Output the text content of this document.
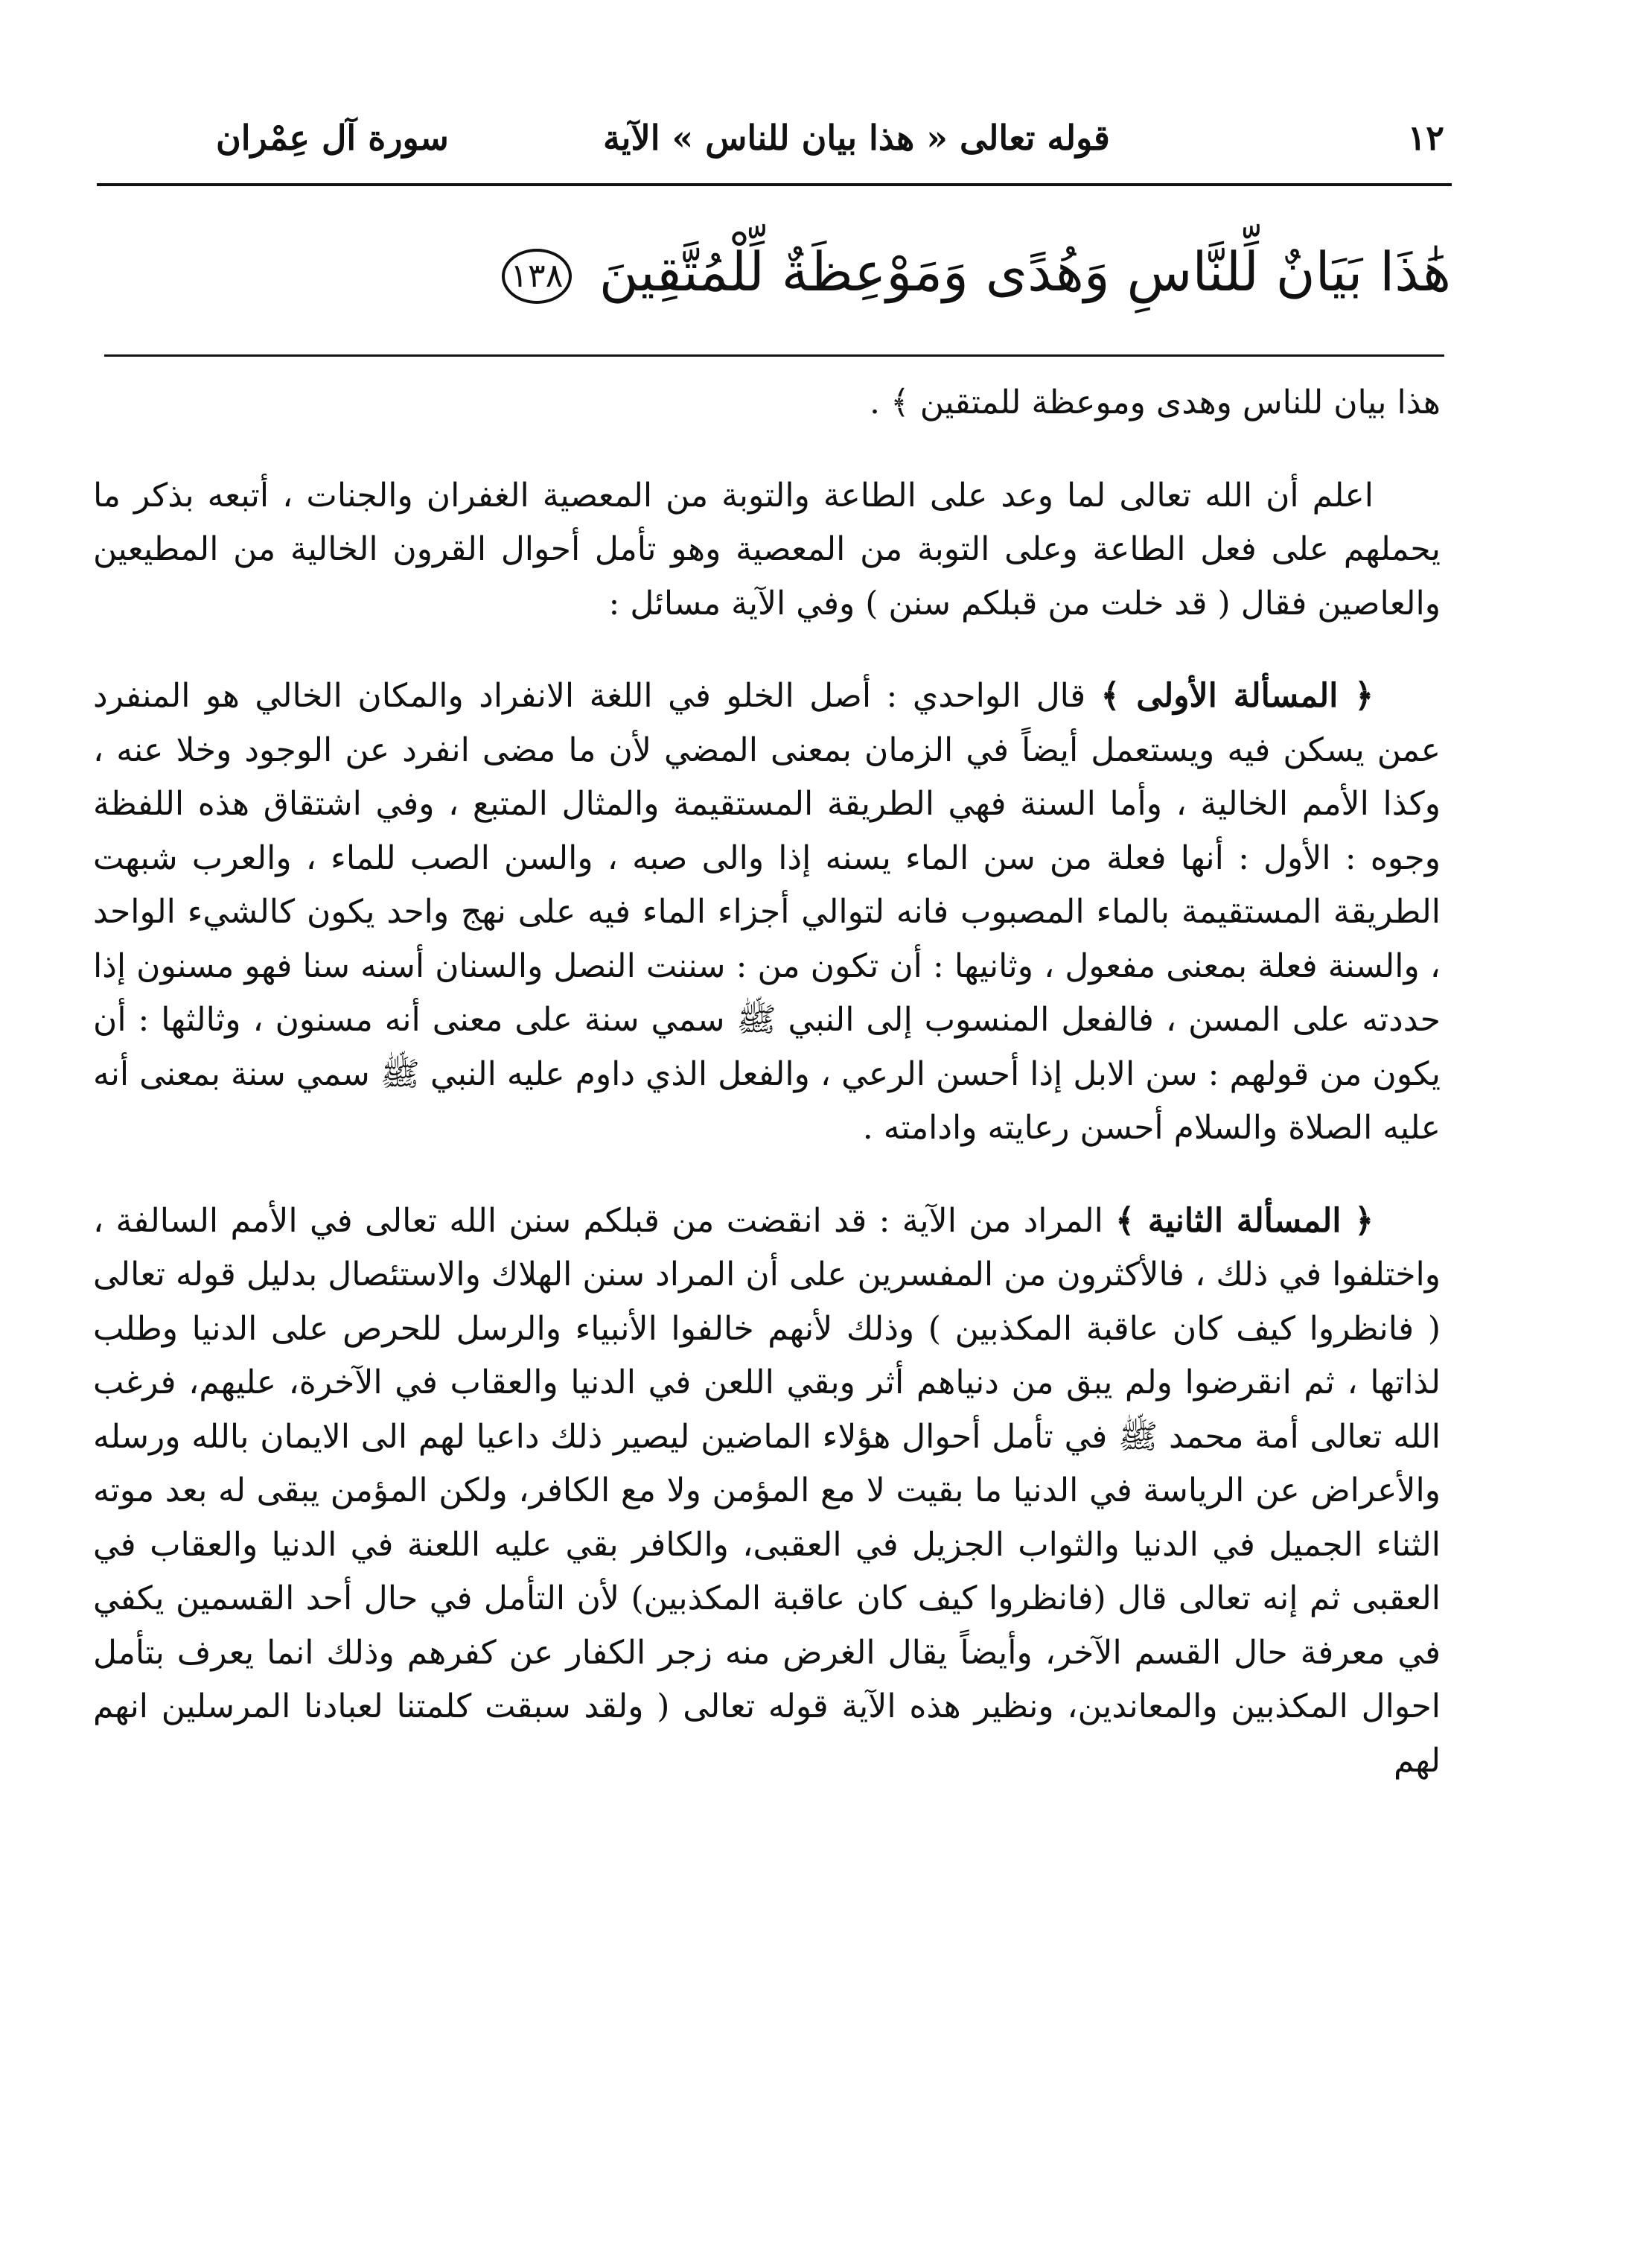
سورة آل عِمْران	قوله تعالى « هذا بيان للناس » الآية	١٢
هَٰذَا بَيَانٌ لِّلنَّاسِ وَهُدًى وَمَوْعِظَةٌ لِّلْمُتَّقِينَ ١٣٨

هذا بيان للناس وهدى وموعظة للمتقين ﴾ .

اعلم أن الله تعالى لما وعد على الطاعة والتوبة من المعصية الغفران والجنات ، أتبعه بذكر ما يحملهم على فعل الطاعة وعلى التوبة من المعصية وهو تأمل أحوال القرون الخالية من المطيعين والعاصين فقال ( قد خلت من قبلكم سنن ) وفي الآية مسائل :

﴿ المسألة الأولى ﴾ قال الواحدي : أصل الخلو في اللغة الانفراد والمكان الخالي هو المنفرد عمن يسكن فيه ويستعمل أيضاً في الزمان بمعنى المضي لأن ما مضى انفرد عن الوجود وخلا عنه ، وكذا الأمم الخالية ، وأما السنة فهي الطريقة المستقيمة والمثال المتبع ، وفي اشتقاق هذه اللفظة وجوه : الأول : أنها فعلة من سن الماء يسنه إذا والى صبه ، والسن الصب للماء ، والعرب شبهت الطريقة المستقيمة بالماء المصبوب فانه لتوالي أجزاء الماء فيه على نهج واحد يكون كالشيء الواحد ، والسنة فعلة بمعنى مفعول ، وثانيها : أن تكون من : سننت النصل والسنان أسنه سنا فهو مسنون إذا حددته على المسن ، فالفعل المنسوب إلى النبي ﷺ سمي سنة على معنى أنه مسنون ، وثالثها : أن يكون من قولهم : سن الابل إذا أحسن الرعي ، والفعل الذي داوم عليه النبي ﷺ سمي سنة بمعنى أنه عليه الصلاة والسلام أحسن رعايته وادامته .

﴿ المسألة الثانية ﴾ المراد من الآية : قد انقضت من قبلكم سنن الله تعالى في الأمم السالفة ، واختلفوا في ذلك ، فالأكثرون من المفسرين على أن المراد سنن الهلاك والاستئصال بدليل قوله تعالى ( فانظروا كيف كان عاقبة المكذبين ) وذلك لأنهم خالفوا الأنبياء والرسل للحرص على الدنيا وطلب لذاتها ، ثم انقرضوا ولم يبق من دنياهم أثر وبقي اللعن في الدنيا والعقاب في الآخرة، عليهم، فرغب الله تعالى أمة محمد ﷺ في تأمل أحوال هؤلاء الماضين ليصير ذلك داعيا لهم الى الايمان بالله ورسله والأعراض عن الرياسة في الدنيا ما بقيت لا مع المؤمن ولا مع الكافر، ولكن المؤمن يبقى له بعد موته الثناء الجميل في الدنيا والثواب الجزيل في العقبى، والكافر بقي عليه اللعنة في الدنيا والعقاب في العقبى ثم إنه تعالى قال (فانظروا كيف كان عاقبة المكذبين) لأن التأمل في حال أحد القسمين يكفي في معرفة حال القسم الآخر، وأيضاً يقال الغرض منه زجر الكفار عن كفرهم وذلك انما يعرف بتأمل احوال المكذبين والمعاندين، ونظير هذه الآية قوله تعالى ( ولقد سبقت كلمتنا لعبادنا المرسلين انهم لهم
